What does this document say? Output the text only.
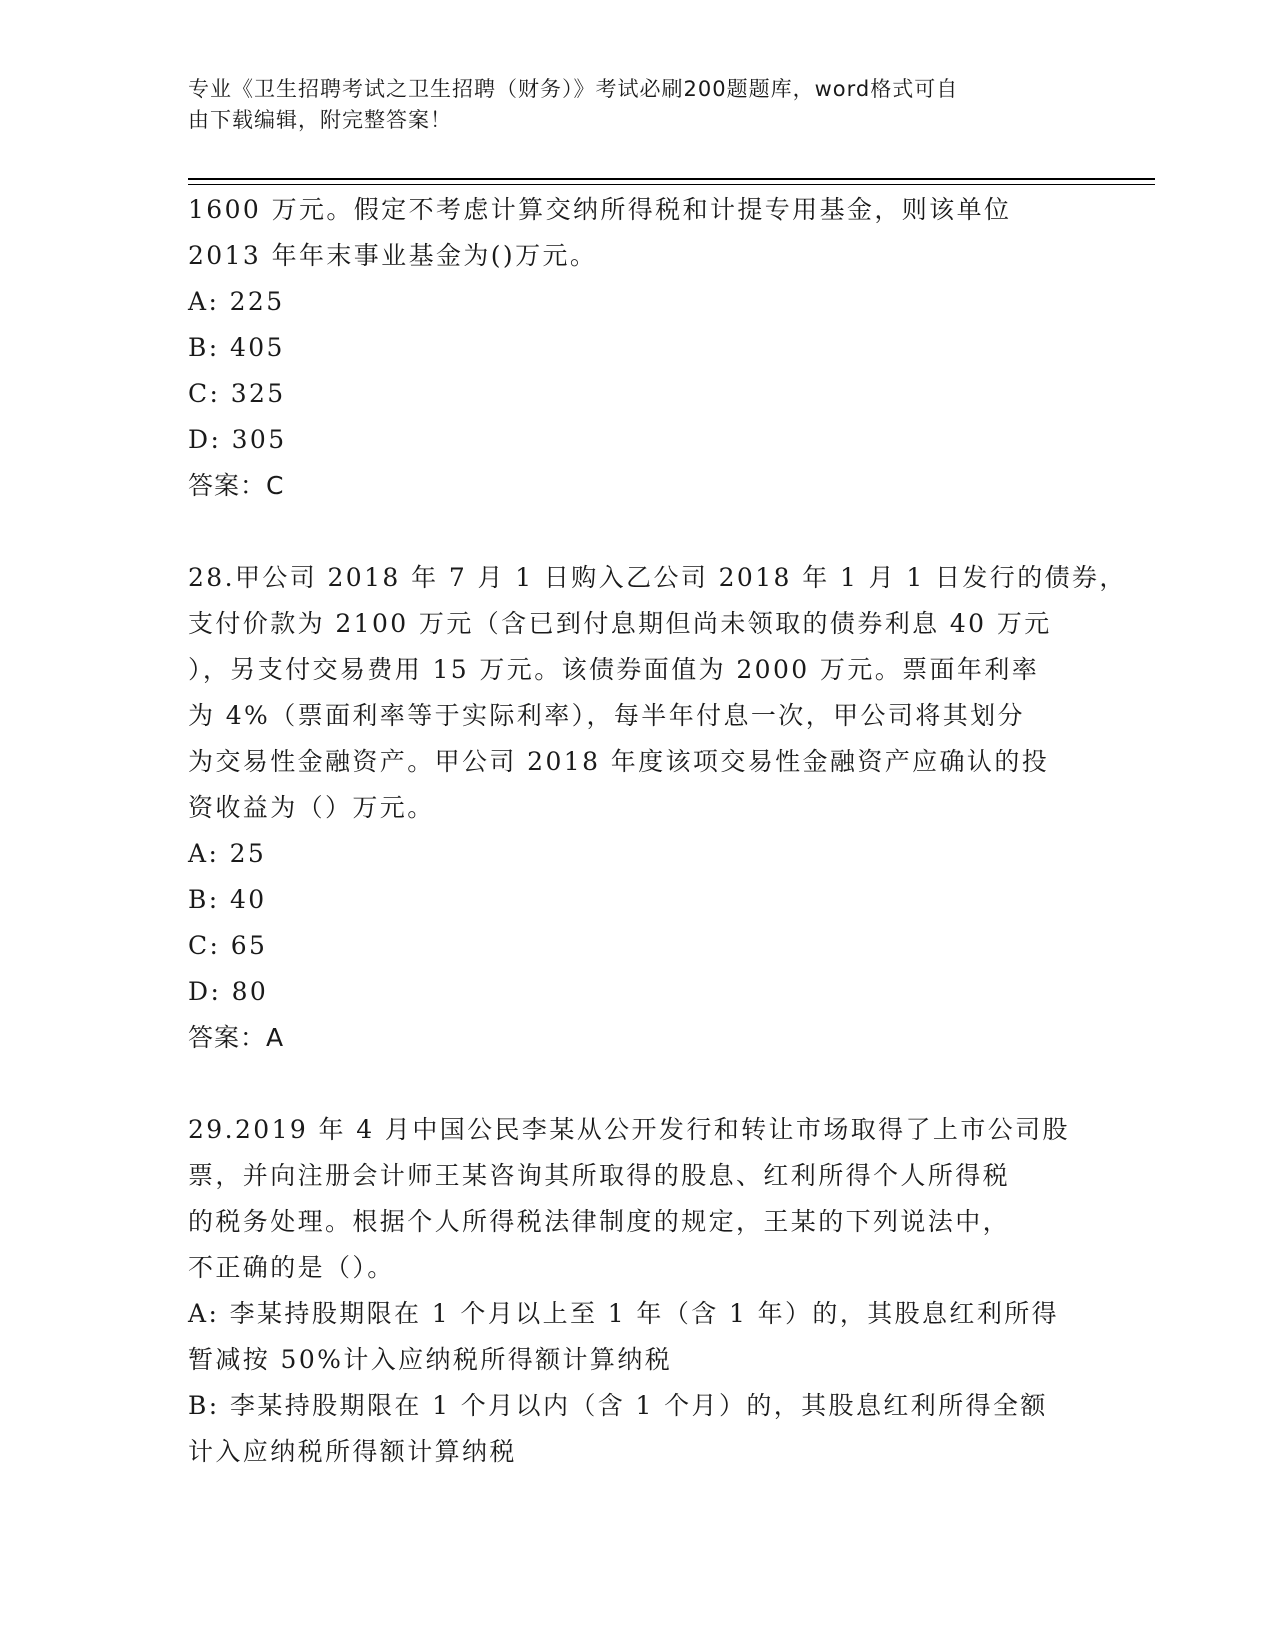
专业《卫生招聘考试之卫生招聘（财务）》考试必刷200题题库，word格式可自
由下载编辑，附完整答案！
1600 万元。假定不考虑计算交纳所得税和计提专用基金，则该单位
2013 年年末事业基金为()万元。
A: 225
B: 405
C: 325
D: 305
答案：C
28.甲公司 2018 年 7 月 1 日购入乙公司 2018 年 1 月 1 日发行的债券，
支付价款为 2100 万元（含已到付息期但尚未领取的债券利息 40 万元
），另支付交易费用 15 万元。该债券面值为 2000 万元。票面年利率
为 4%（票面利率等于实际利率），每半年付息一次，甲公司将其划分
为交易性金融资产。甲公司 2018 年度该项交易性金融资产应确认的投
资收益为（）万元。
A: 25
B: 40
C: 65
D: 80
答案：A
29.2019 年 4 月中国公民李某从公开发行和转让市场取得了上市公司股
票，并向注册会计师王某咨询其所取得的股息、红利所得个人所得税
的税务处理。根据个人所得税法律制度的规定，王某的下列说法中，
不正确的是（）。
A: 李某持股期限在 1 个月以上至 1 年（含 1 年）的，其股息红利所得
暂减按 50%计入应纳税所得额计算纳税
B: 李某持股期限在 1 个月以内（含 1 个月）的，其股息红利所得全额
计入应纳税所得额计算纳税
